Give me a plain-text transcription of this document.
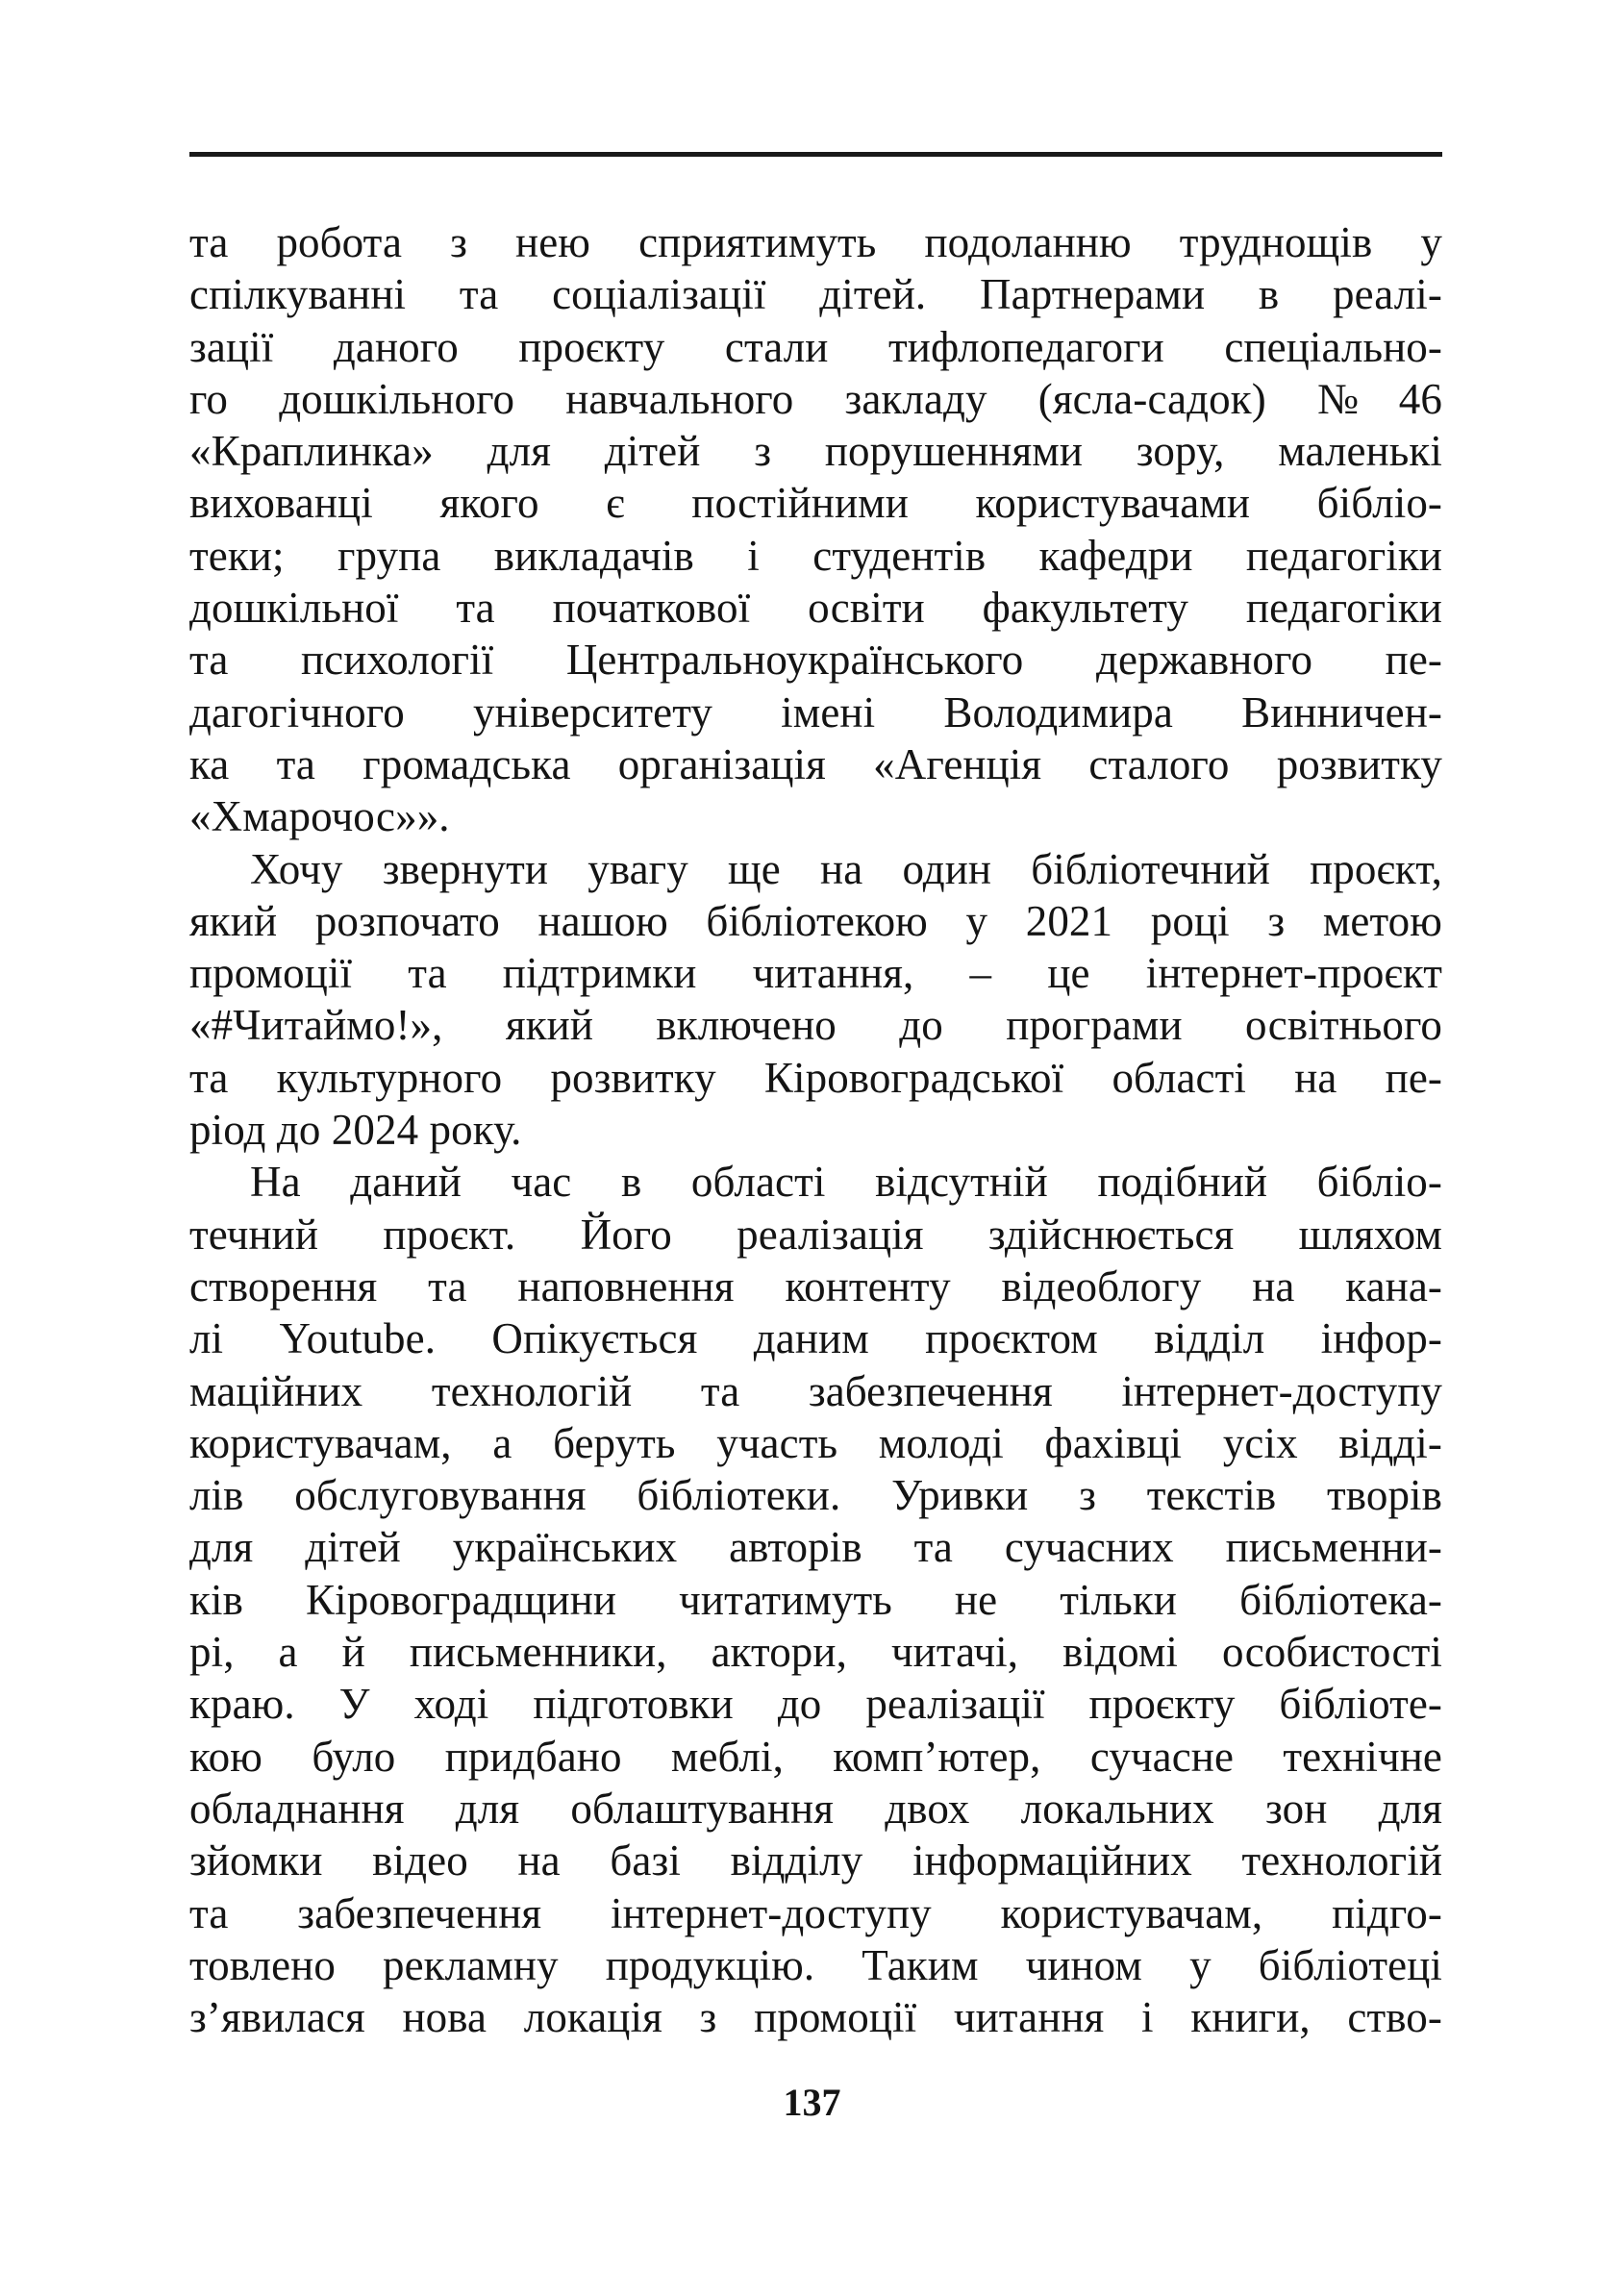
та робота з нею сприятимуть подоланню труднощів у
спілкуванні та соціалізації дітей. Партнерами в реалі-
зації даного проєкту стали тифлопедагоги спеціально-
го дошкільного навчального закладу (ясла-садок) №46
«Краплинка» для дітей з порушеннями зору, маленькі
вихованці якого є постійними користувачами бібліо-
теки; група викладачів і студентів кафедри педагогіки
дошкільної та початкової освіти факультету педагогіки
та психології Центральноукраїнського державного пе-
дагогічного університету імені Володимира Винничен-
ка та громадська організація «Агенція сталого розвитку
«Хмарочос»».
Хочу звернути увагу ще на один бібліотечний проєкт,
який розпочато нашою бібліотекою у 2021 році з метою
промоції та підтримки читання, – це інтернет-проєкт
«#Читаймо!», який включено до програми освітнього
та культурного розвитку Кіровоградської області на пе-
ріод до 2024 року.
На даний час в області відсутній подібний бібліо-
течний проєкт. Його реалізація здійснюється шляхом
створення та наповнення контенту відеоблогу на кана-
лі Youtube. Опікується даним проєктом відділ інфор-
маційних технологій та забезпечення інтернет-доступу
користувачам, а беруть участь молоді фахівці усіх відді-
лів обслуговування бібліотеки. Уривки з текстів творів
для дітей українських авторів та сучасних письменни-
ків Кіровоградщини читатимуть не тільки бібліотека-
рі, а й письменники, актори, читачі, відомі особистості
краю. У ході підготовки до реалізації проєкту бібліоте-
кою було придбано меблі, комп’ютер, сучасне технічне
обладнання для облаштування двох локальних зон для
зйомки відео на базі відділу інформаційних технологій
та забезпечення інтернет-доступу користувачам, підго-
товлено рекламну продукцію. Таким чином у бібліотеці
з’явилася нова локація з промоції читання і книги, ство-
137
